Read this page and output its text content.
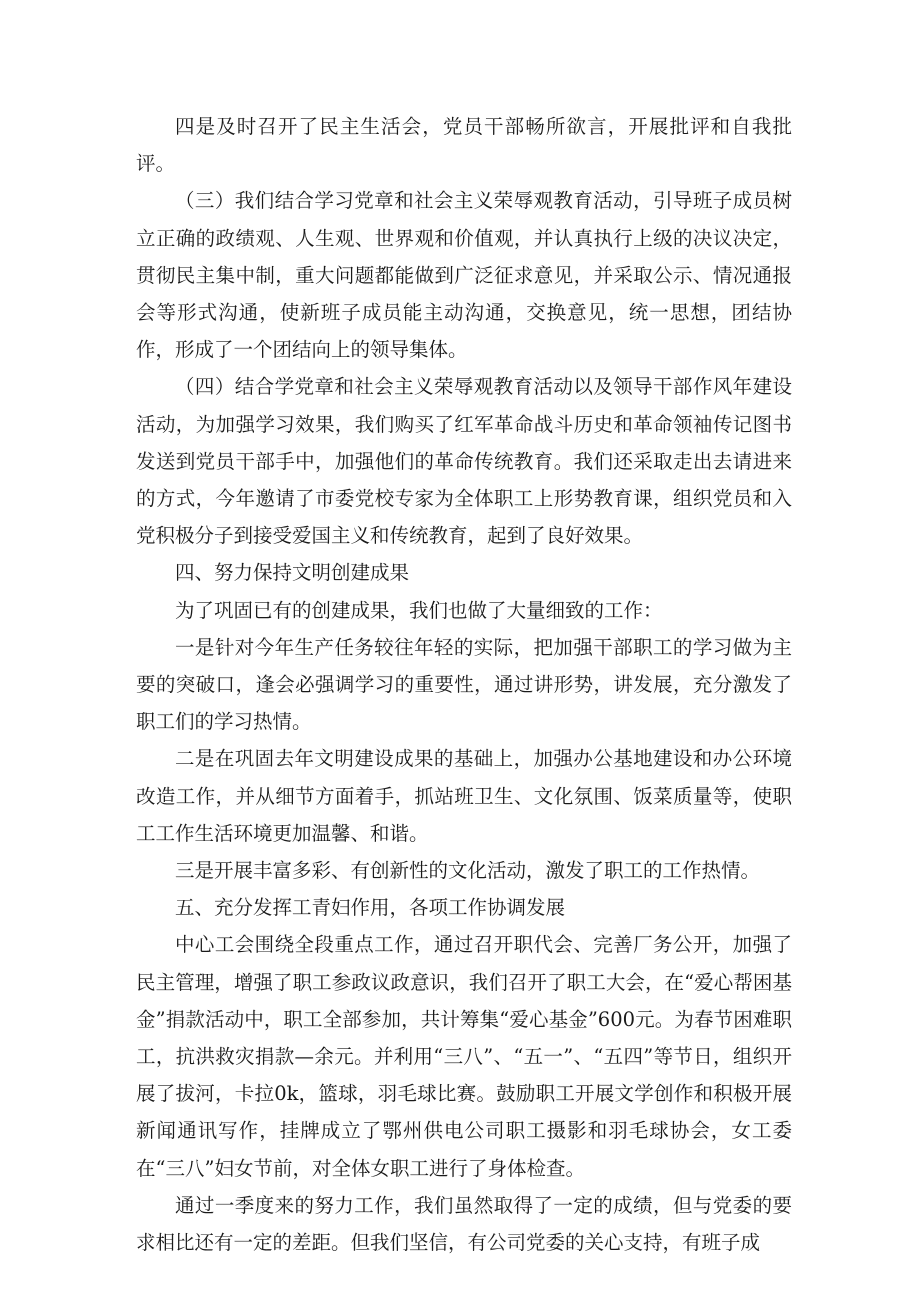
四是及时召开了民主生活会，党员干部畅所欲言，开展批评和自我批评。

（三）我们结合学习党章和社会主义荣辱观教育活动，引导班子成员树立正确的政绩观、人生观、世界观和价值观，并认真执行上级的决议决定，贯彻民主集中制，重大问题都能做到广泛征求意见，并采取公示、情况通报会等形式沟通，使新班子成员能主动沟通，交换意见，统一思想，团结协作，形成了一个团结向上的领导集体。

（四）结合学党章和社会主义荣辱观教育活动以及领导干部作风年建设活动，为加强学习效果，我们购买了红军革命战斗历史和革命领袖传记图书发送到党员干部手中，加强他们的革命传统教育。我们还采取走出去请进来的方式，今年邀请了市委党校专家为全体职工上形势教育课，组织党员和入党积极分子到接受爱国主义和传统教育，起到了良好效果。

四、努力保持文明创建成果

为了巩固已有的创建成果，我们也做了大量细致的工作：

一是针对今年生产任务较往年轻的实际，把加强干部职工的学习做为主要的突破口，逢会必强调学习的重要性，通过讲形势，讲发展，充分激发了职工们的学习热情。

二是在巩固去年文明建设成果的基础上，加强办公基地建设和办公环境改造工作，并从细节方面着手，抓站班卫生、文化氛围、饭菜质量等，使职工工作生活环境更加温馨、和谐。

三是开展丰富多彩、有创新性的文化活动，激发了职工的工作热情。

五、充分发挥工青妇作用，各项工作协调发展

中心工会围绕全段重点工作，通过召开职代会、完善厂务公开，加强了民主管理，增强了职工参政议政意识，我们召开了职工大会，在“爱心帮困基金”捐款活动中，职工全部参加，共计筹集“爱心基金”600元。为春节困难职工，抗洪救灾捐款—余元。并利用“三八”、“五一”、“五四”等节日，组织开展了拔河，卡拉0k，篮球，羽毛球比赛。鼓励职工开展文学创作和积极开展新闻通讯写作，挂牌成立了鄂州供电公司职工摄影和羽毛球协会，女工委在“三八”妇女节前，对全体女职工进行了身体检查。

通过一季度来的努力工作，我们虽然取得了一定的成绩，但与党委的要求相比还有一定的差距。但我们坚信，有公司党委的关心支持，有班子成
